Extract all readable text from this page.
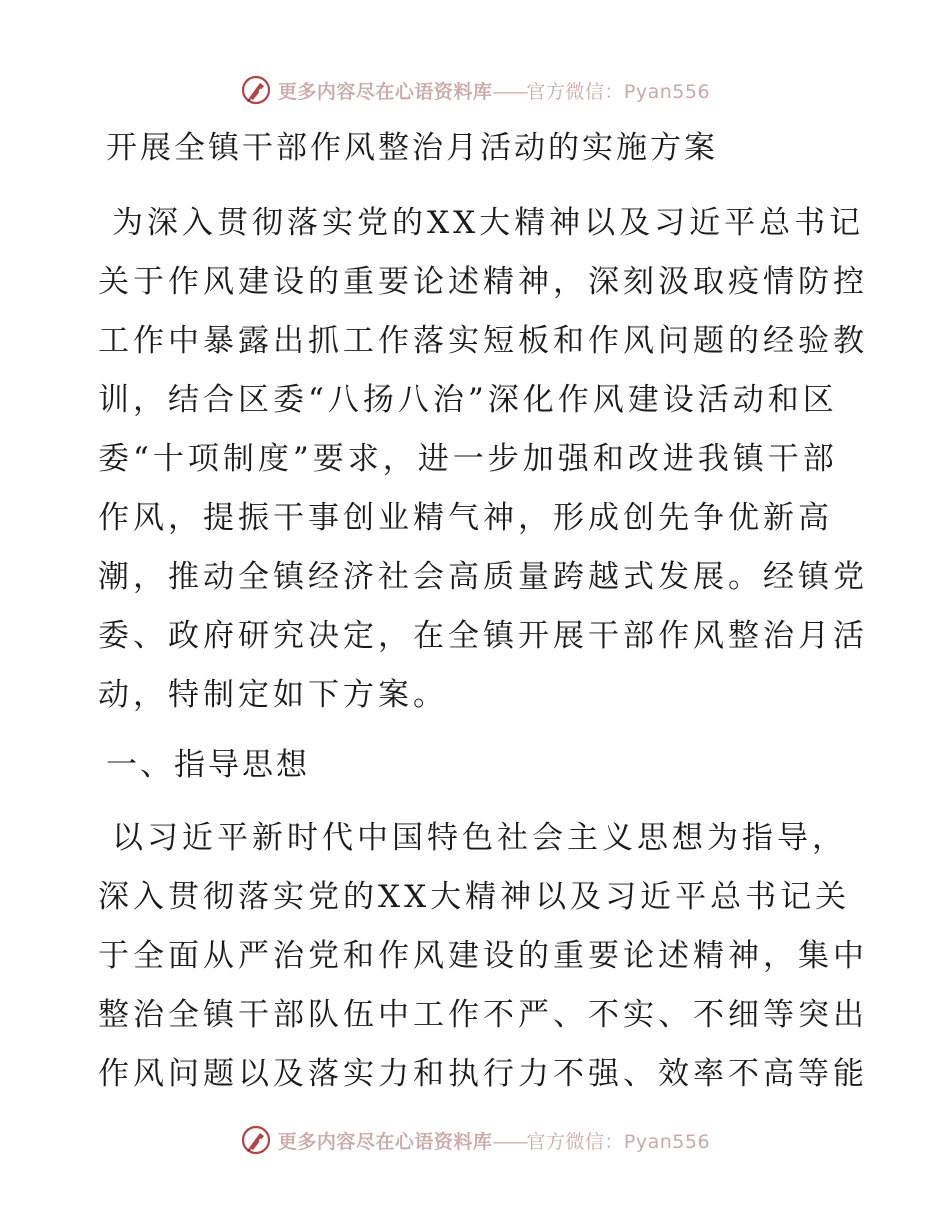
更多内容尽在心语资料库——官方微信：Pyan556
开展全镇干部作风整治月活动的实施方案

为深入贯彻落实党的XX大精神以及习近平总书记
关于作风建设的重要论述精神，深刻汲取疫情防控
工作中暴露出抓工作落实短板和作风问题的经验教
训，结合区委“八扬八治”深化作风建设活动和区
委“十项制度”要求，进一步加强和改进我镇干部
作风，提振干事创业精气神，形成创先争优新高
潮，推动全镇经济社会高质量跨越式发展。经镇党
委、政府研究决定，在全镇开展干部作风整治月活
动，特制定如下方案。

一、指导思想

以习近平新时代中国特色社会主义思想为指导，
深入贯彻落实党的XX大精神以及习近平总书记关
于全面从严治党和作风建设的重要论述精神，集中
整治全镇干部队伍中工作不严、不实、不细等突出
作风问题以及落实力和执行力不强、效率不高等能

更多内容尽在心语资料库——官方微信：Pyan556
